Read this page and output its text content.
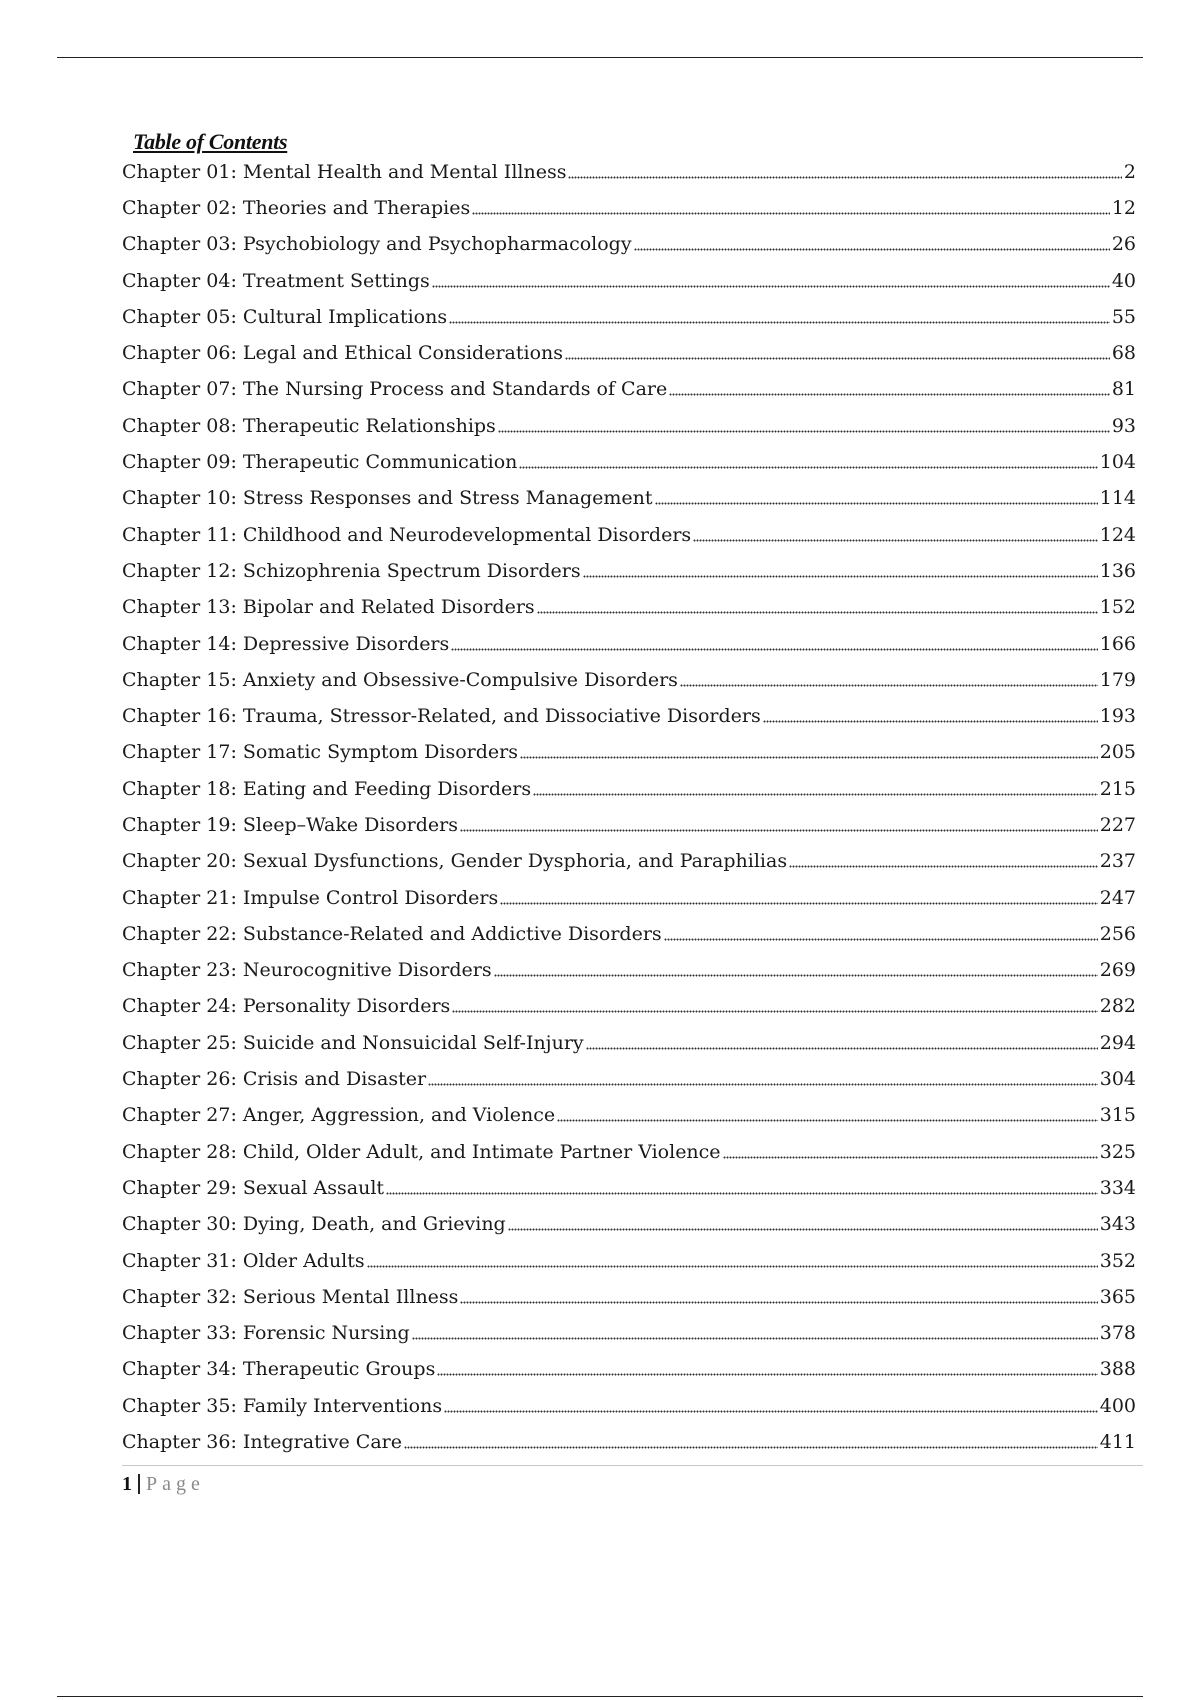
Table of Contents
Chapter 01: Mental Health and Mental Illness	2
Chapter 02: Theories and Therapies	12
Chapter 03: Psychobiology and Psychopharmacology	26
Chapter 04: Treatment Settings	40
Chapter 05: Cultural Implications	55
Chapter 06: Legal and Ethical Considerations	68
Chapter 07: The Nursing Process and Standards of Care	81
Chapter 08: Therapeutic Relationships	93
Chapter 09: Therapeutic Communication	104
Chapter 10: Stress Responses and Stress Management	114
Chapter 11: Childhood and Neurodevelopmental Disorders	124
Chapter 12: Schizophrenia Spectrum Disorders	136
Chapter 13: Bipolar and Related Disorders	152
Chapter 14: Depressive Disorders	166
Chapter 15: Anxiety and Obsessive-Compulsive Disorders	179
Chapter 16: Trauma, Stressor-Related, and Dissociative Disorders	193
Chapter 17: Somatic Symptom Disorders	205
Chapter 18: Eating and Feeding Disorders	215
Chapter 19: Sleep–Wake Disorders	227
Chapter 20: Sexual Dysfunctions, Gender Dysphoria, and Paraphilias	237
Chapter 21: Impulse Control Disorders	247
Chapter 22: Substance-Related and Addictive Disorders	256
Chapter 23: Neurocognitive Disorders	269
Chapter 24: Personality Disorders	282
Chapter 25: Suicide and Nonsuicidal Self-Injury	294
Chapter 26: Crisis and Disaster	304
Chapter 27: Anger, Aggression, and Violence	315
Chapter 28: Child, Older Adult, and Intimate Partner Violence	325
Chapter 29: Sexual Assault	334
Chapter 30: Dying, Death, and Grieving	343
Chapter 31: Older Adults	352
Chapter 32: Serious Mental Illness	365
Chapter 33: Forensic Nursing	378
Chapter 34: Therapeutic Groups	388
Chapter 35: Family Interventions	400
Chapter 36: Integrative Care	411
1 Page
